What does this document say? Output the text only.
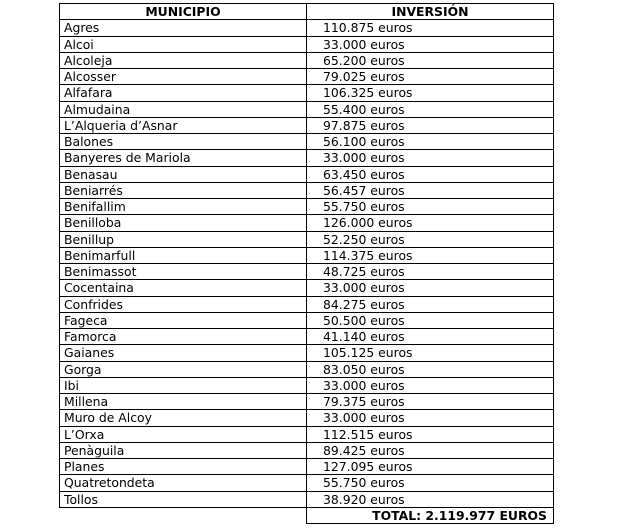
MUNICIPIO	INVERSIÓN
Agres	110.875 euros
Alcoi	33.000 euros
Alcoleja	65.200 euros
Alcosser	79.025 euros
Alfafara	106.325 euros
Almudaina	55.400 euros
L’Alqueria d’Asnar	97.875 euros
Balones	56.100 euros
Banyeres de Mariola	33.000 euros
Benasau	63.450 euros
Beniarrés	56.457 euros
Benifallim	55.750 euros
Benilloba	126.000 euros
Benillup	52.250 euros
Benimarfull	114.375 euros
Benimassot	48.725 euros
Cocentaina	33.000 euros
Confrides	84.275 euros
Fageca	50.500 euros
Famorca	41.140 euros
Gaianes	105.125 euros
Gorga	83.050 euros
Ibi	33.000 euros
Millena	79.375 euros
Muro de Alcoy	33.000 euros
L’Orxa	112.515 euros
Penàguila	89.425 euros
Planes	127.095 euros
Quatretondeta	55.750 euros
Tollos	38.920 euros
	TOTAL: 2.119.977 EUROS
